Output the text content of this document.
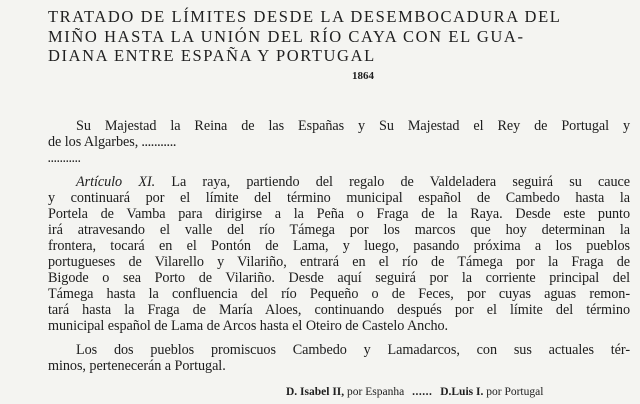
TRATADO DE LÍMITES DESDE LA DESEMBOCADURA DEL
MIÑO HASTA LA UNIÓN DEL RÍO CAYA CON EL GUA-
DIANA ENTRE ESPAÑA Y PORTUGAL
1864
Su Majestad la Reina de las Españas y Su Majestad el Rey de Portugal y
de los Algarbes, ...........
...........
Artículo XI. La raya, partiendo del regalo de Valdeladera seguirá su cauce
y continuará por el límite del término municipal español de Cambedo hasta la
Portela de Vamba para dirigirse a la Peña o Fraga de la Raya. Desde este punto
irá atravesando el valle del río Támega por los marcos que hoy determinan la
frontera, tocará en el Pontón de Lama, y luego, pasando próxima a los pueblos
portugueses de Vilarello y Vilariño, entrará en el río de Támega por la Fraga de
Bigode o sea Porto de Vilariño. Desde aquí seguirá por la corriente principal del
Támega hasta la confluencia del río Pequeño o de Feces, por cuyas aguas remon-
tará hasta la Fraga de María Aloes, continuando después por el límite del término
municipal español de Lama de Arcos hasta el Oteiro de Castelo Ancho.
Los dos pueblos promiscuos Cambedo y Lamadarcos, con sus actuales tér-
minos, pertenecerán a Portugal.
D. Isabel II, por Espanha ...... D.Luis I. por Portugal
